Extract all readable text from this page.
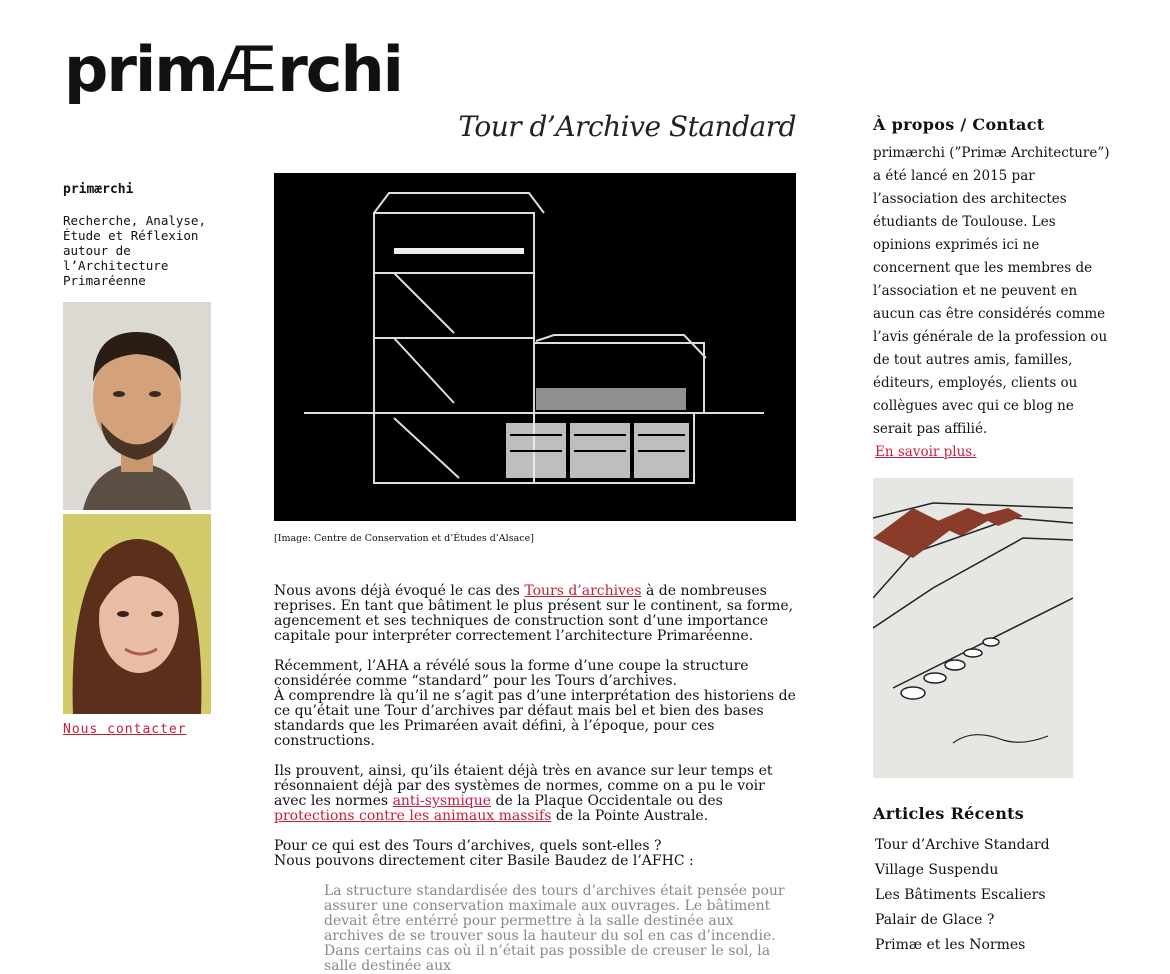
primÆrchi
primærchi
Recherche, Analyse, Étude et Réflexion autour de l’Architecture Primaréenne
Nous contacter
Tour d’Archive Standard
[Image: Centre de Conservation et d’Études d’Alsace]

Nous avons déjà évoqué le cas des Tours d’archives à de nombreuses reprises. En tant que bâtiment le plus présent sur le continent, sa forme, agencement et ses techniques de construction sont d’une importance capitale pour interpréter correctement l’architecture Primaréenne.

Récemment, l’AHA a révélé sous la forme d’une coupe la structure considérée comme “standard” pour les Tours d’archives.
À comprendre là qu’il ne s’agit pas d’une interprétation des historiens de ce qu’était une Tour d’archives par défaut mais bel et bien des bases standards que les Primaréen avait défini, à l’époque, pour ces constructions.

Ils prouvent, ainsi, qu’ils étaient déjà très en avance sur leur temps et résonnaient déjà par des systèmes de normes, comme on a pu le voir avec les normes anti-sysmique de la Plaque Occidentale ou des protections contre les animaux massifs de la Pointe Australe.

Pour ce qui est des Tours d’archives, quels sont-elles ?
Nous pouvons directement citer Basile Baudez de l’AFHC :

La structure standardisée des tours d’archives était pensée pour assurer une conservation maximale aux ouvrages. Le bâtiment devait être entérré pour permettre à la salle destinée aux archives de se trouver sous la hauteur du sol en cas d’incendie. Dans certains cas où il n’était pas possible de creuser le sol, la salle destinée aux
À propos / Contact

primærchi (”Primæ Architecture”) a été lancé en 2015 par l’association des architectes étudiants de Toulouse. Les opinions exprimés ici ne concernent que les membres de l’association et ne peuvent en aucun cas être considérés comme l’avis générale de la profession ou de tout autres amis, familles, éditeurs, employés, clients ou collègues avec qui ce blog ne serait pas affilié.

En savoir plus.
Articles Récents
Tour d’Archive Standard
Village Suspendu
Les Bâtiments Escaliers
Palair de Glace ?
Primæ et les Normes
